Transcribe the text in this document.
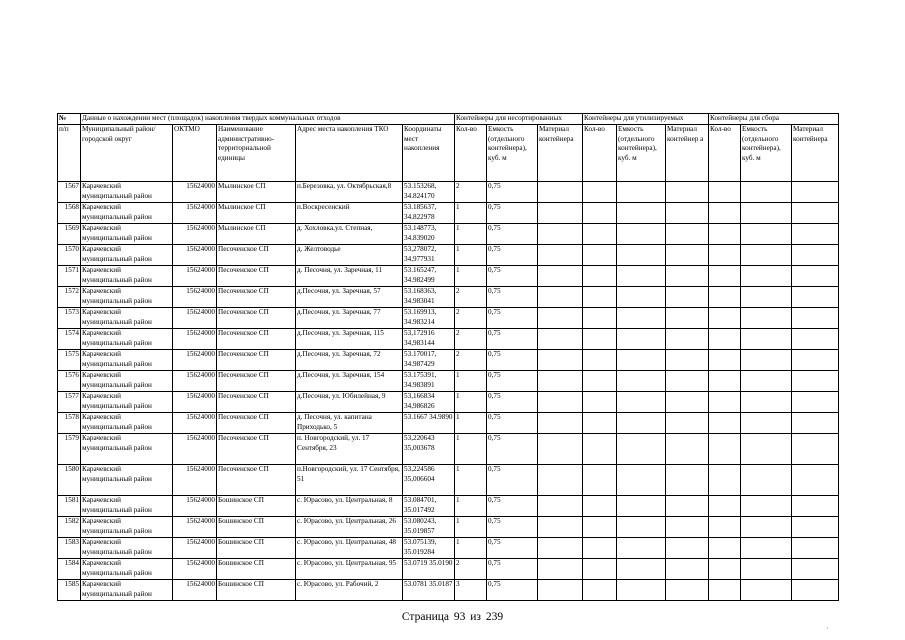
№	Данные о нахождении мест (площадок) накопления твердых коммунальных отходов					Контейнеры для несортированных			Контейнеры для утилизируемых			Контейнеры для сбора		
п/п	Муниципальный район/городской округ	ОКТМО	Наименование административно-территориальной единицы	Адрес места накопления ТКО	Координаты мест накопления	Кол-во	Емкость (отдельного контейнера), куб. м	Материал контейнера	Кол-во	Емкость (отдельного контейнера), куб. м	Материал контейнер а	Кол-во	Емкость (отдельного контейнера), куб. м	Материал контейнера
1567	Карачевский муниципальный район	15624000	Мылинское СП	п.Березовка, ул. Октябрьская,8	53.153268, 34.824170	2	0,75							
1568	Карачевский муниципальный район	15624000	Мылинское СП	п.Воскресенский	53.185637, 34.822978	1	0,75							
1569	Карачевский муниципальный район	15624000	Мылинское СП	д. Хохловка,ул. Степная,	53.148773, 34.839020	1	0,75							
1570	Карачевский муниципальный район	15624000	Песоченское СП	д. Желтоводье	53,278072, 34,977931	1	0,75							
1571	Карачевский муниципальный район	15624000	Песоченское СП	д. Песочня, ул. Заречная, 11	53.165247, 34.982499	1	0,75							
1572	Карачевский муниципальный район	15624000	Песоченское СП	д.Песочня, ул. Заречная, 57	53.168363, 34.983041	2	0,75							
1573	Карачевский муниципальный район	15624000	Песоченское СП	д.Песочня, ул. Заречная, 77	53.169913, 34.983214	2	0,75							
1574	Карачевский муниципальный район	15624000	Песоченское СП	д.Песочня, ул. Заречная, 115	53,172916 34,983144	2	0,75							
1575	Карачевский муниципальный район	15624000	Песоченское СП	д.Песочня, ул. Заречная, 72	53.170017, 34.987429	2	0,75							
1576	Карачевский муниципальный район	15624000	Песоченское СП	д.Песочня, ул. Заречная, 154	53.175391, 34.983891	1	0,75							
1577	Карачевский муниципальный район	15624000	Песоченское СП	д.Песочня, ул. Юбилейная, 9	53,166834 34,986826	1	0,75							
1578	Карачевский муниципальный район	15624000	Песоченское СП	д. Песочня, ул. капитана Приходько, 5	53.1667 34.9890	1	0,75							
1579	Карачевский муниципальный район	15624000	Песоченское СП	п. Новгородский, ул. 17 Сентября, 23	53,220643 35,003678	1	0,75							
1580	Карачевский муниципальный район	15624000	Песоченское СП	п.Новгородский, ул. 17 Сентября, 51	53,224586 35,006604	1	0,75							
1581	Карачевский муниципальный район	15624000	Бошинское СП	с. Юрасово, ул. Центральная, 8	53.084701, 35.017492	1	0,75							
1582	Карачевский муниципальный район	15624000	Бошинское СП	с. Юрасово, ул. Центральная, 26	53.080243, 35.019857	1	0,75							
1583	Карачевский муниципальный район	15624000	Бошинское СП	с. Юрасово, ул. Центральная, 48	53.075139, 35.019284	1	0,75							
1584	Карачевский муниципальный район	15624000	Бошинское СП	с. Юрасово, ул. Центральная, 95	53.0719 35.0190	2	0,75							
1585	Карачевский муниципальный район	15624000	Бошинское СП	с. Юрасово, ул. Рабочий, 2	53.0781 35.0187	3	0,75							
Страница 93 из 239
·
